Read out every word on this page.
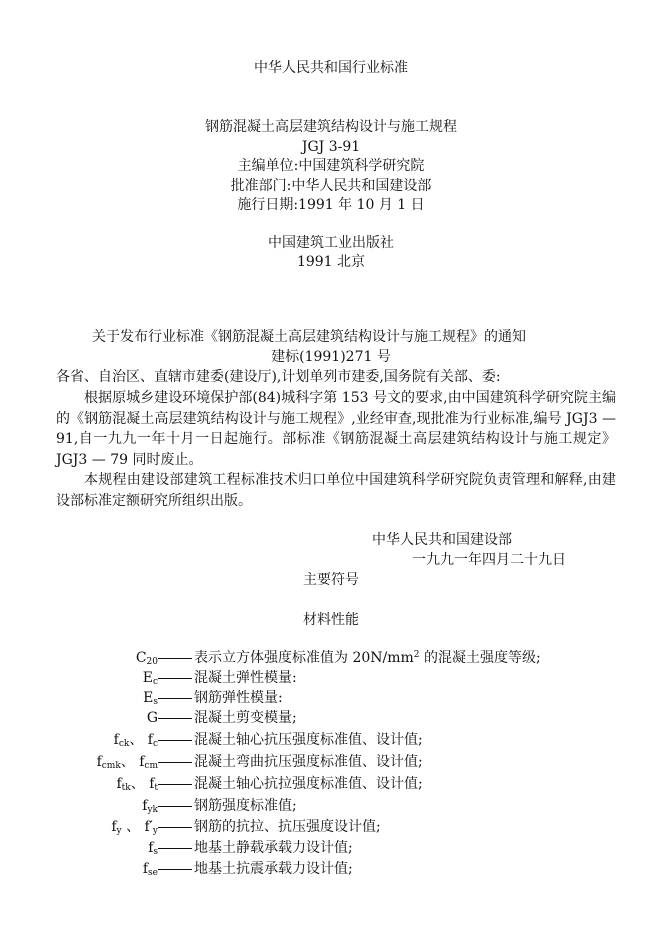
中华人民共和国行业标准
钢筋混凝土高层建筑结构设计与施工规程
JGJ 3-91
主编单位:中国建筑科学研究院
批准部门:中华人民共和国建设部
施行日期:1991 年 10 月 1 日
中国建筑工业出版社
1991 北京
关于发布行业标准《钢筋混凝土高层建筑结构设计与施工规程》的通知
建标(1991)271 号
各省、自治区、直辖市建委(建设厅),计划单列市建委,国务院有关部、委:
根据原城乡建设环境保护部(84)城科字第 153 号文的要求,由中国建筑科学研究院主编的《钢筋混凝土高层建筑结构设计与施工规程》,业经审查,现批准为行业标准,编号 JGJ3 — 91,自一九九一年十月一日起施行。部标准《钢筋混凝土高层建筑结构设计与施工规定》 JGJ3 — 79 同时废止。
本规程由建设部建筑工程标准技术归口单位中国建筑科学研究院负责管理和解释,由建设部标准定额研究所组织出版。
中华人民共和国建设部
一九九一年四月二十九日
主要符号
材料性能
$C_{20}$	表示立方体强度标准值为 $20N/mm^2$ 的混凝土强度等级;
$E_c$	混凝土弹性模量:
$E_s$	钢筋弹性模量:
G	混凝土剪变模量;
$f_{ck}$、 $f_c$	混凝土轴心抗压强度标准值、设计值;
$f_{cmk}$、 $f_{cm}$	混凝土弯曲抗压强度标准值、设计值;
$f_{tk}$、 $f_t$	混凝土轴心抗拉强度标准值、设计值;
$f_{yk}$	钢筋强度标准值;
$f_y$ 、 $f'_y$	钢筋的抗拉、抗压强度设计值;
$f_s$	地基土静载承载力设计值;
$f_{se}$	地基土抗震承载力设计值;
